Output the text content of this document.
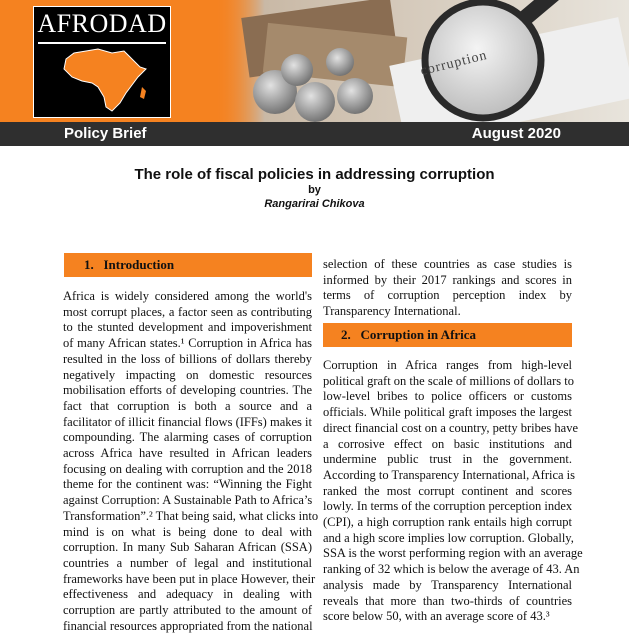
AFRODAD
corruption
Policy Brief	August 2020
The role of fiscal policies in addressing corruption
by
Rangarirai Chikova
1. Introduction
Africa is widely considered among the world's
most corrupt places, a factor seen as contributing
to the stunted development and impoverishment
of many African states.¹ Corruption in Africa has
resulted in the loss of billions of dollars thereby
negatively impacting on domestic resources
mobilisation efforts of developing countries. The
fact that corruption is both a source and a
facilitator of illicit financial flows (IFFs) makes it
compounding. The alarming cases of corruption
across Africa have resulted in African leaders
focusing on dealing with corruption and the 2018
theme for the continent was: “Winning the Fight
against Corruption: A Sustainable Path to Africa’s
Transformation”.² That being said, what clicks into
mind is on what is being done to deal with
corruption. In many Sub Saharan African (SSA)
countries a number of legal and institutional
frameworks have been put in place However, their
effectiveness and adequacy in dealing with
corruption are partly attributed to the amount of
financial resources appropriated from the national
selection of these countries as case studies is
informed by their 2017 rankings and scores in
terms of corruption perception index by
Transparency International.
2. Corruption in Africa
Corruption in Africa ranges from high-level
political graft on the scale of millions of dollars to
low-level bribes to police officers or customs
officials. While political graft imposes the largest
direct financial cost on a country, petty bribes have
a corrosive effect on basic institutions and
undermine public trust in the government.
According to Transparency International, Africa is
ranked the most corrupt continent and scores
lowly. In terms of the corruption perception index
(CPI), a high corruption rank entails high corrupt
and a high score implies low corruption. Globally,
SSA is the worst performing region with an average
ranking of 32 which is below the average of 43. An
analysis made by Transparency International
reveals that more than two-thirds of countries
score below 50, with an average score of 43.³
